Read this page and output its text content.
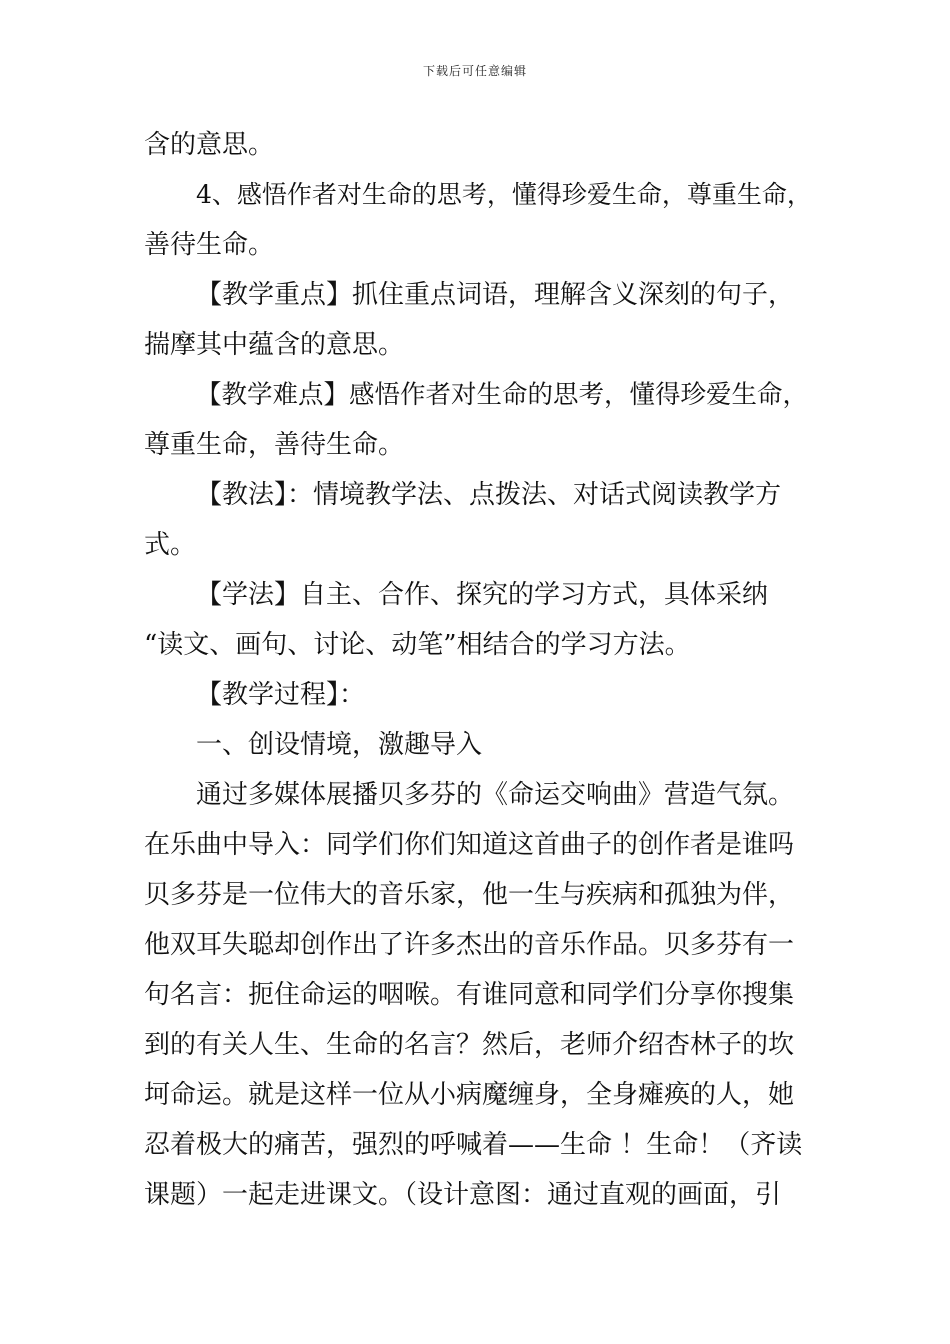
下载后可任意编辑
含的意思。
4、感悟作者对生命的思考，懂得珍爱生命，尊重生命，
善待生命。
【教学重点】抓住重点词语，理解含义深刻的句子，
揣摩其中蕴含的意思。
【教学难点】感悟作者对生命的思考，懂得珍爱生命，
尊重生命，善待生命。
【教法】：情境教学法、点拨法、对话式阅读教学方
式。
【学法】自主、合作、探究的学习方式，具体采纳
“读文、画句、讨论、动笔”相结合的学习方法。
【教学过程】：
一、创设情境，激趣导入
通过多媒体展播贝多芬的《命运交响曲》营造气氛。
在乐曲中导入：同学们你们知道这首曲子的创作者是谁吗
贝多芬是一位伟大的音乐家，他一生与疾病和孤独为伴，
他双耳失聪却创作出了许多杰出的音乐作品。贝多芬有一
句名言：扼住命运的咽喉。有谁同意和同学们分享你搜集
到的有关人生、生命的名言？然后，老师介绍杏林子的坎
坷命运。就是这样一位从小病魔缠身，全身瘫痪的人，她
忍着极大的痛苦，强烈的呼喊着——生命 ！生命！（齐读
课题）一起走进课文。（设计意图：通过直观的画面，引
